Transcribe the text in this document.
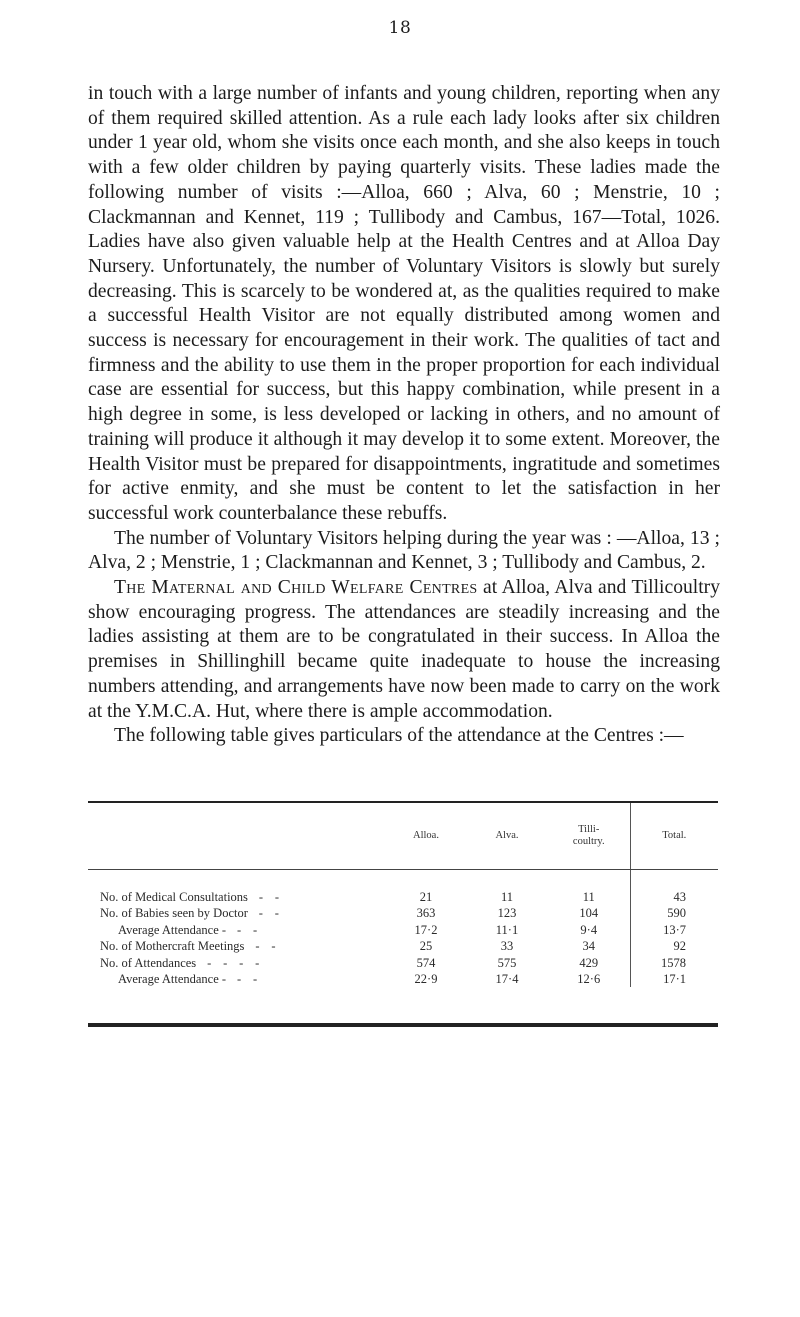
18

in touch with a large number of infants and young children, reporting when any of them required skilled attention. As a rule each lady looks after six children under 1 year old, whom she visits once each month, and she also keeps in touch with a few older children by paying quarterly visits. These ladies made the following number of visits :—Alloa, 660 ; Alva, 60 ; Menstrie, 10 ; Clackmannan and Kennet, 119 ; Tullibody and Cambus, 167—Total, 1026. Ladies have also given valuable help at the Health Centres and at Alloa Day Nursery. Unfortunately, the number of Voluntary Visitors is slowly but surely decreasing. This is scarcely to be wondered at, as the qualities required to make a successful Health Visitor are not equally distributed among women and success is necessary for encouragement in their work. The qualities of tact and firmness and the ability to use them in the proper proportion for each individual case are essential for success, but this happy combination, while present in a high degree in some, is less developed or lacking in others, and no amount of training will produce it although it may develop it to some extent. Moreover, the Health Visitor must be prepared for disappointments, ingratitude and sometimes for active enmity, and she must be content to let the satisfaction in her successful work counterbalance these rebuffs.

The number of Voluntary Visitors helping during the year was : —Alloa, 13 ; Alva, 2 ; Menstrie, 1 ; Clackmannan and Kennet, 3 ; Tullibody and Cambus, 2.

The Maternal and Child Welfare Centres at Alloa, Alva and Tillicoultry show encouraging progress. The attendances are steadily increasing and the ladies assisting at them are to be congratulated in their success. In Alloa the premises in Shillinghill became quite inadequate to house the increasing numbers attending, and arrangements have now been made to carry on the work at the Y.M.C.A. Hut, where there is ample accommodation.

The following table gives particulars of the attendance at the Centres :—

	Alloa.	Alva.	Tilli-
coultry.	Total.
No. of Medical Consultations - -	21	11	11	43
No. of Babies seen by Doctor - -	363	123	104	590
Average Attendance - - -	17·2	11·1	9·4	13·7
No. of Mothercraft Meetings - -	25	33	34	92
No. of Attendances - - - -	574	575	429	1578
Average Attendance - - -	22·9	17·4	12·6	17·1
